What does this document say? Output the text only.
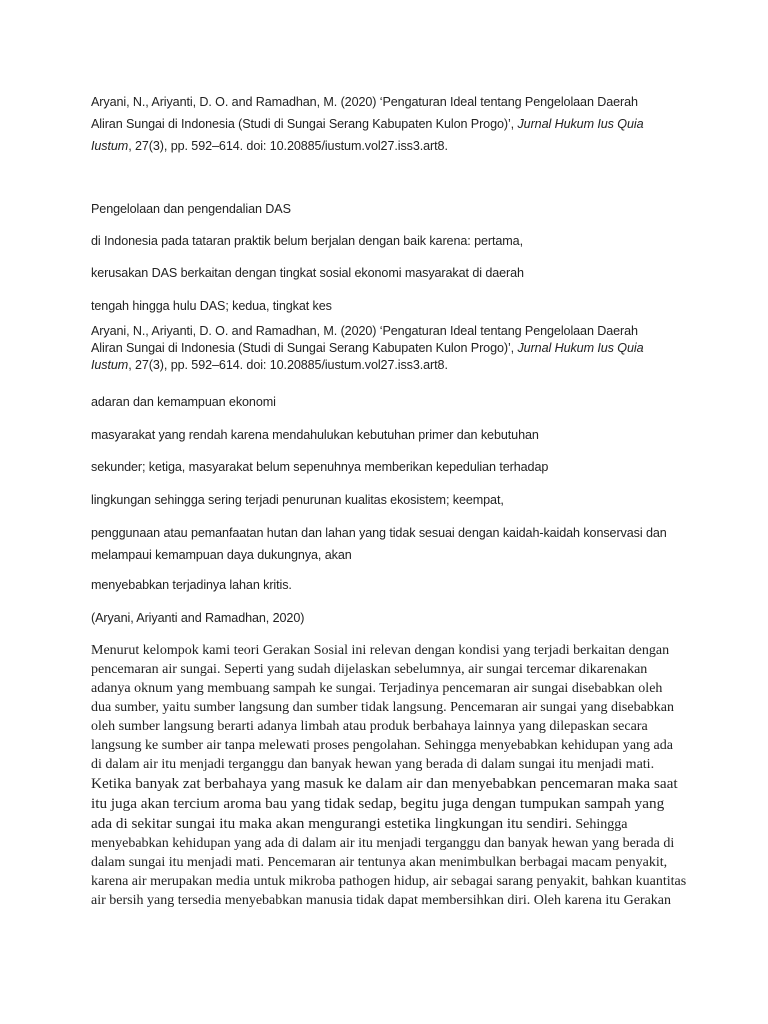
Aryani, N., Ariyanti, D. O. and Ramadhan, M. (2020) ‘Pengaturan Ideal tentang Pengelolaan Daerah
Aliran Sungai di Indonesia (Studi di Sungai Serang Kabupaten Kulon Progo)’, Jurnal Hukum Ius Quia
Iustum, 27(3), pp. 592–614. doi: 10.20885/iustum.vol27.iss3.art8.

Pengelolaan dan pengendalian DAS

di Indonesia pada tataran praktik belum berjalan dengan baik karena: pertama,

kerusakan DAS berkaitan dengan tingkat sosial ekonomi masyarakat di daerah

tengah hingga hulu DAS; kedua, tingkat kes

Aryani, N., Ariyanti, D. O. and Ramadhan, M. (2020) ‘Pengaturan Ideal tentang Pengelolaan Daerah
Aliran Sungai di Indonesia (Studi di Sungai Serang Kabupaten Kulon Progo)’, Jurnal Hukum Ius Quia
Iustum, 27(3), pp. 592–614. doi: 10.20885/iustum.vol27.iss3.art8.

adaran dan kemampuan ekonomi

masyarakat yang rendah karena mendahulukan kebutuhan primer dan kebutuhan

sekunder; ketiga, masyarakat belum sepenuhnya memberikan kepedulian terhadap

lingkungan sehingga sering terjadi penurunan kualitas ekosistem; keempat,

penggunaan atau pemanfaatan hutan dan lahan yang tidak sesuai dengan kaidah-kaidah konservasi dan
melampaui kemampuan daya dukungnya, akan

menyebabkan terjadinya lahan kritis.

(Aryani, Ariyanti and Ramadhan, 2020)

Menurut kelompok kami teori Gerakan Sosial ini relevan dengan kondisi yang terjadi berkaitan dengan
pencemaran air sungai. Seperti yang sudah dijelaskan sebelumnya, air sungai tercemar dikarenakan
adanya oknum yang membuang sampah ke sungai. Terjadinya pencemaran air sungai disebabkan oleh
dua sumber, yaitu sumber langsung dan sumber tidak langsung. Pencemaran air sungai yang disebabkan
oleh sumber langsung berarti adanya limbah atau produk berbahaya lainnya yang dilepaskan secara
langsung ke sumber air tanpa melewati proses pengolahan. Sehingga menyebabkan kehidupan yang ada
di dalam air itu menjadi terganggu dan banyak hewan yang berada di dalam sungai itu menjadi mati.
Ketika banyak zat berbahaya yang masuk ke dalam air dan menyebabkan pencemaran maka saat
itu juga akan tercium aroma bau yang tidak sedap, begitu juga dengan tumpukan sampah yang
ada di sekitar sungai itu maka akan mengurangi estetika lingkungan itu sendiri. Sehingga
menyebabkan kehidupan yang ada di dalam air itu menjadi terganggu dan banyak hewan yang berada di
dalam sungai itu menjadi mati. Pencemaran air tentunya akan menimbulkan berbagai macam penyakit,
karena air merupakan media untuk mikroba pathogen hidup, air sebagai sarang penyakit, bahkan kuantitas
air bersih yang tersedia menyebabkan manusia tidak dapat membersihkan diri. Oleh karena itu Gerakan
